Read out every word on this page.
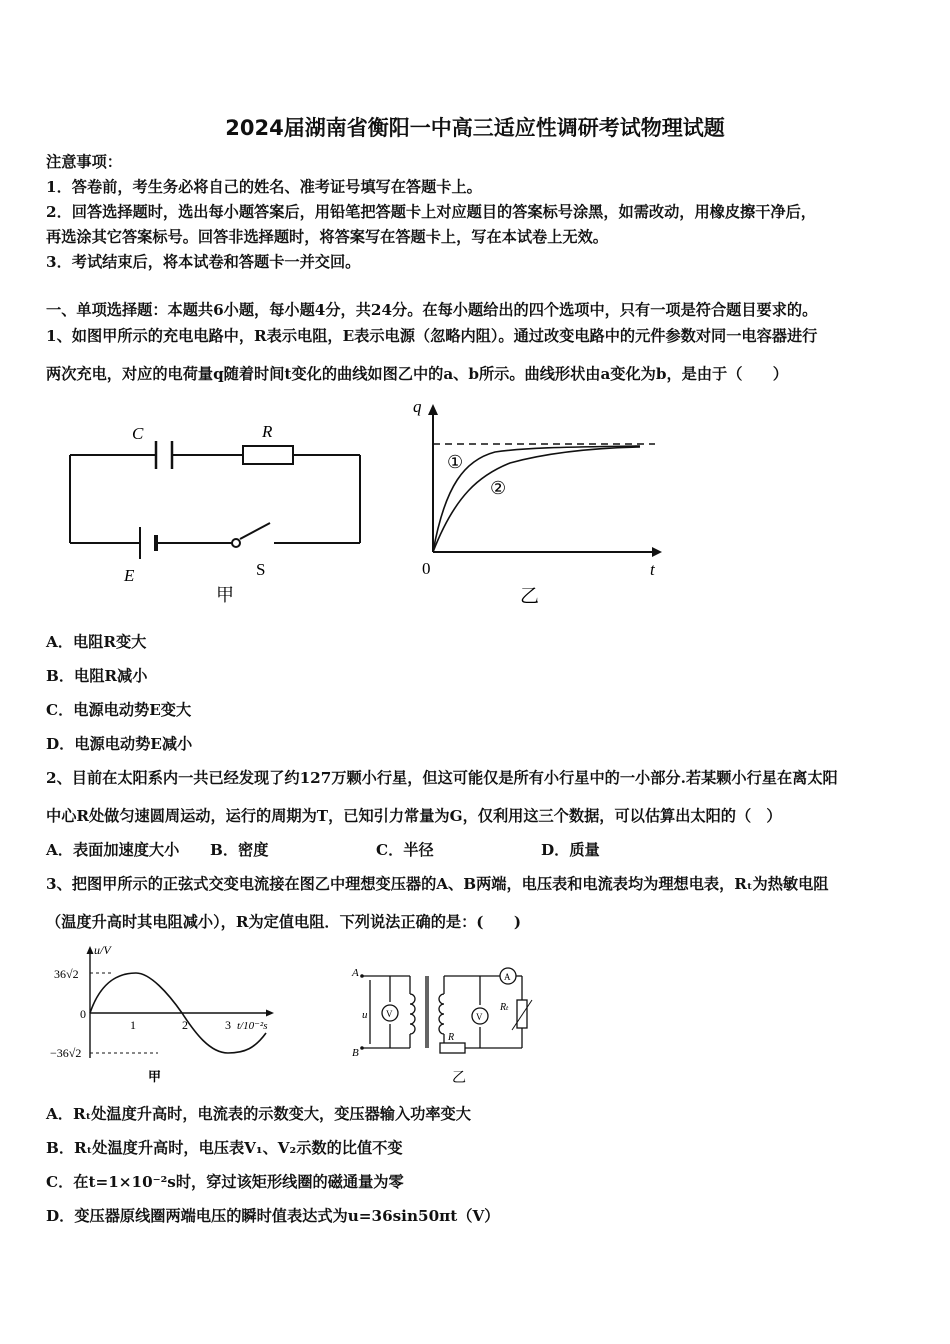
2024届湖南省衡阳一中高三适应性调研考试物理试题
注意事项：
1．答卷前，考生务必将自己的姓名、准考证号填写在答题卡上。
2．回答选择题时，选出每小题答案后，用铅笔把答题卡上对应题目的答案标号涂黑，如需改动，用橡皮擦干净后，
再选涂其它答案标号。回答非选择题时，将答案写在答题卡上，写在本试卷上无效。
3．考试结束后，将本试卷和答题卡一并交回。
一、单项选择题：本题共6小题，每小题4分，共24分。在每小题给出的四个选项中，只有一项是符合题目要求的。
1、如图甲所示的充电电路中，R表示电阻，E表示电源（忽略内阻）。通过改变电路中的元件参数对同一电容器进行
两次充电，对应的电荷量q随着时间t变化的曲线如图乙中的a、b所示。曲线形状由a变化为b，是由于（　　）
C	R
E	S
甲
q
t
0
①
②
乙
A．电阻R变大
B．电阻R减小
C．电源电动势E变大
D．电源电动势E减小
2、目前在太阳系内一共已经发现了约127万颗小行星，但这可能仅是所有小行星中的一小部分.若某颗小行星在离太阳
中心R处做匀速圆周运动，运行的周期为T，已知引力常量为G，仅利用这三个数据，可以估算出太阳的（　）
A．表面加速度大小 B．密度	C．半径	D．质量
3、把图甲所示的正弦式交变电流接在图乙中理想变压器的A、B两端，电压表和电流表均为理想电表，Rₜ为热敏电阻
（温度升高时其电阻减小），R为定值电阻．下列说法正确的是：(　　)
u/V
36√2
−36√2
0
1	2	3 t/10⁻²s
甲
A
B
u V	V
A
Rₜ
R
乙
A．Rₜ处温度升高时，电流表的示数变大，变压器输入功率变大
B．Rₜ处温度升高时，电压表V₁、V₂示数的比值不变
C．在t=1×10⁻²s时，穿过该矩形线圈的磁通量为零
D．变压器原线圈两端电压的瞬时值表达式为u=36sin50πt（V）
